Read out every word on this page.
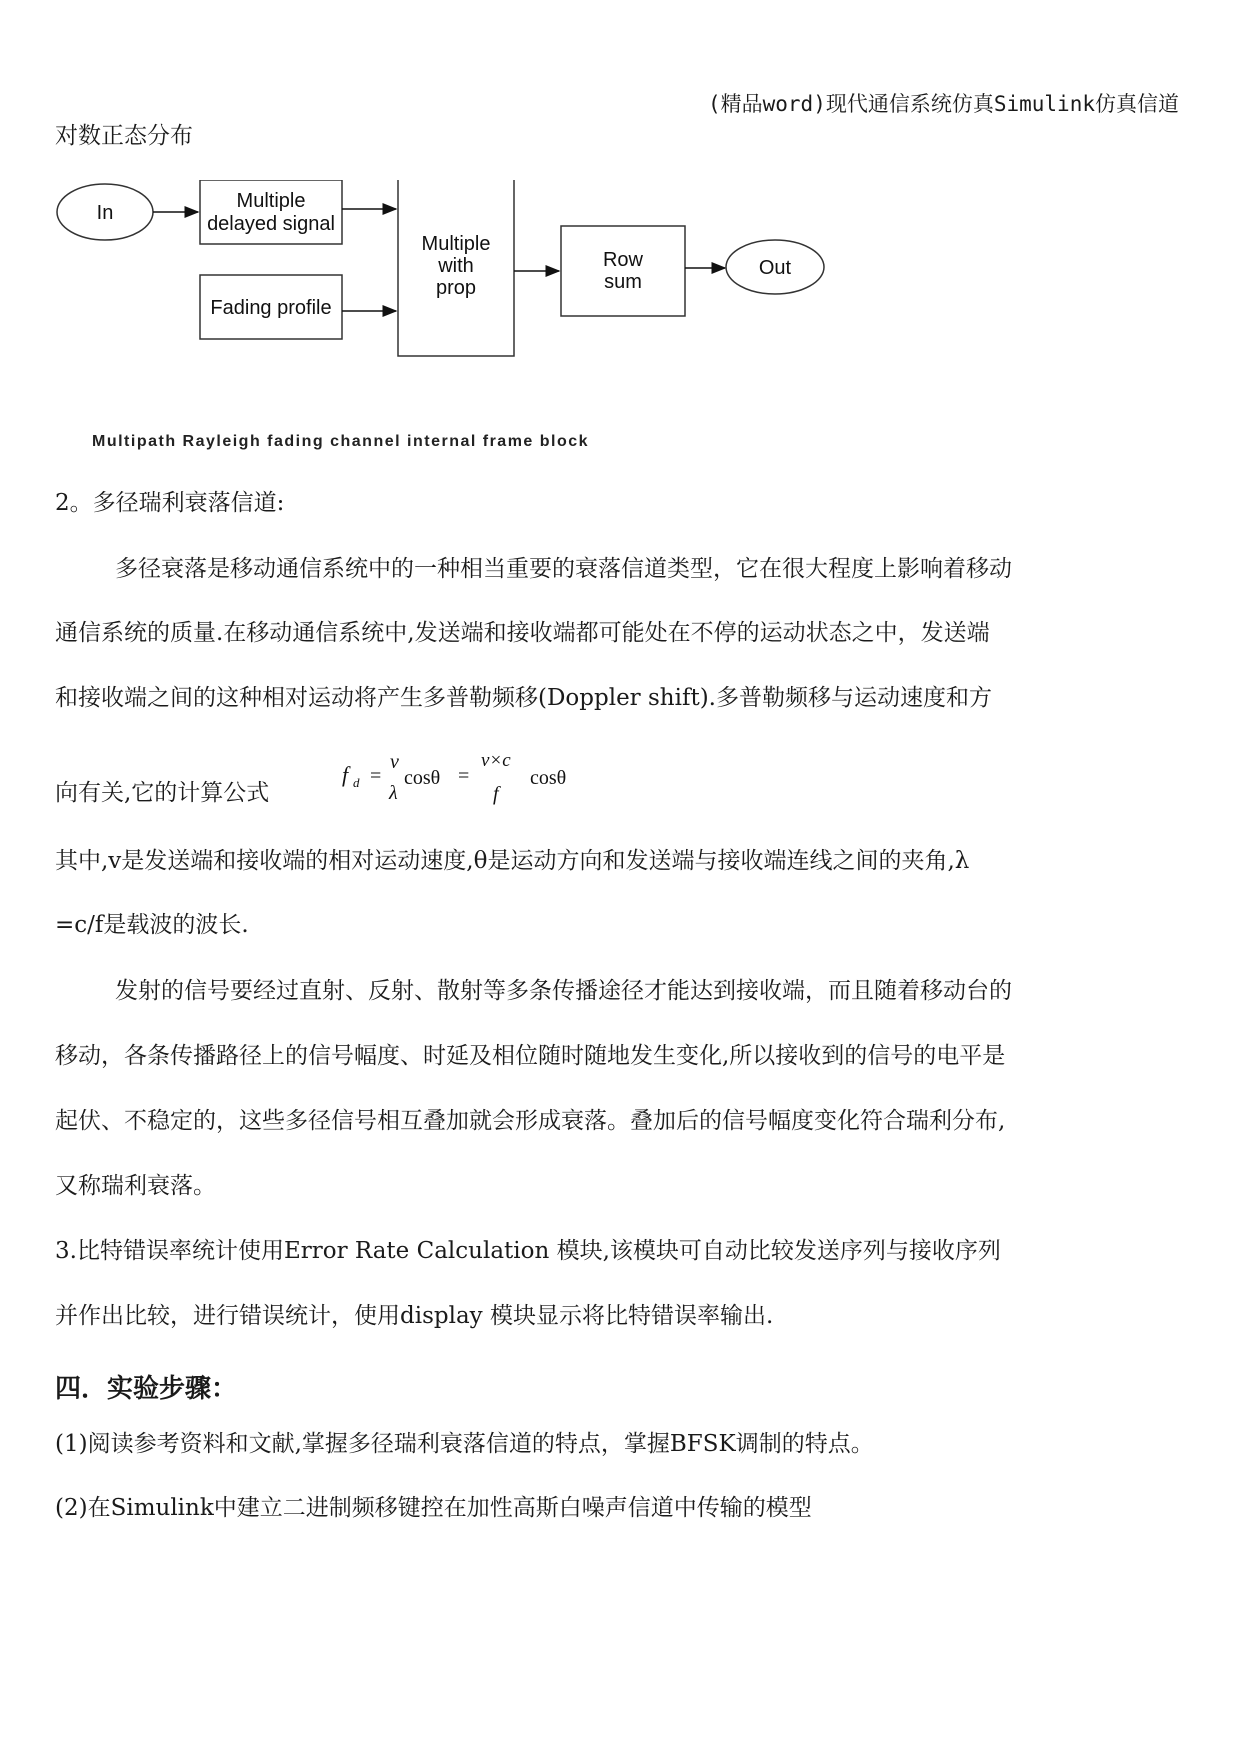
(精品word)现代通信系统仿真Simulink仿真信道
对数正态分布
In
Multiple
delayed signal
Fading profile
Multiple
with
prop
Row
sum
Out
Multipath Rayleigh fading channel internal frame block
2。多径瑞利衰落信道:
多径衰落是移动通信系统中的一种相当重要的衰落信道类型，它在很大程度上影响着移动
通信系统的质量.在移动通信系统中,发送端和接收端都可能处在不停的运动状态之中，发送端
和接收端之间的这种相对运动将产生多普勒频移(Doppler shift).多普勒频移与运动速度和方
向有关,它的计算公式
f d =
v
λ
cosθ =
v×c
f
cosθ
其中,v是发送端和接收端的相对运动速度,θ是运动方向和发送端与接收端连线之间的夹角,λ
=c/f是载波的波长.
发射的信号要经过直射、反射、散射等多条传播途径才能达到接收端，而且随着移动台的
移动，各条传播路径上的信号幅度、时延及相位随时随地发生变化,所以接收到的信号的电平是
起伏、不稳定的，这些多径信号相互叠加就会形成衰落。叠加后的信号幅度变化符合瑞利分布,
又称瑞利衰落。
3.比特错误率统计使用Error Rate Calculation 模块,该模块可自动比较发送序列与接收序列
并作出比较，进行错误统计，使用display 模块显示将比特错误率输出.
四．实验步骤：
(1)阅读参考资料和文献,掌握多径瑞利衰落信道的特点，掌握BFSK调制的特点。
(2)在Simulink中建立二进制频移键控在加性高斯白噪声信道中传输的模型
